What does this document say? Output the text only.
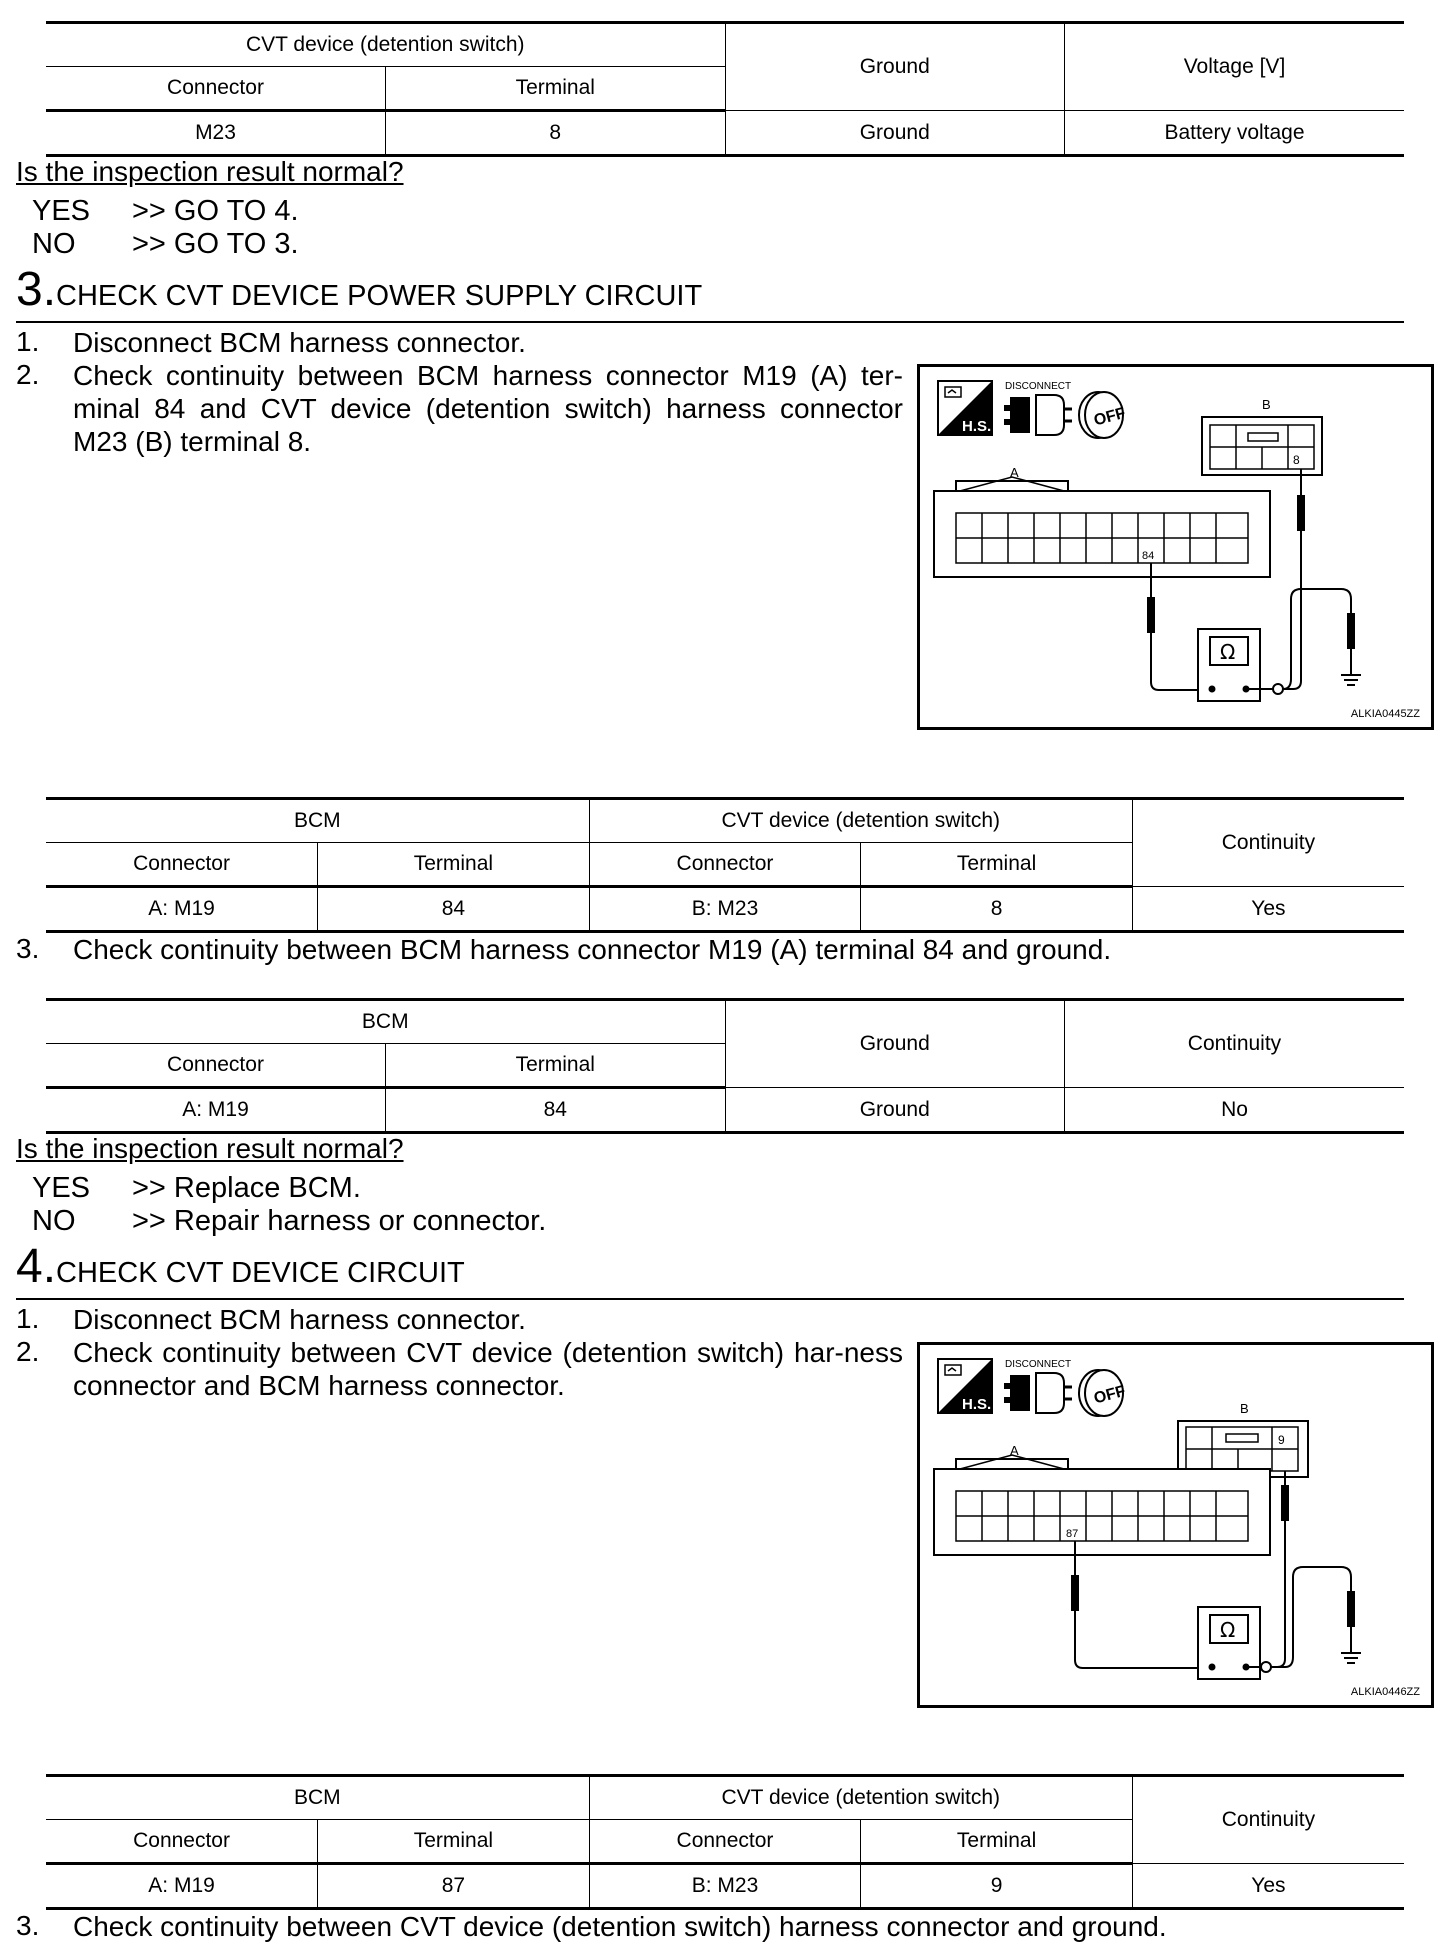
CVT device (detention switch)		Ground	Voltage [V]
Connector	Terminal		
M23	8	Ground	Battery voltage
Is the inspection result normal?
YES >> GO TO 4.
NO >> GO TO 3.
3.CHECK CVT DEVICE POWER SUPPLY CIRCUIT
1. Disconnect BCM harness connector.
2. Check continuity between BCM harness connector M19 (A) ter-minal 84 and CVT device (detention switch) harness connector M23 (B) terminal 8.	H.S.
DISCONNECT
OFF
B
8
A
84
Ω
ALKIA0445ZZ
BCM		CVT device (detention switch)		Continuity
Connector	Terminal	Connector	Terminal	
A: M19	84	B: M23	8	Yes
3. Check continuity between BCM harness connector M19 (A) terminal 84 and ground.
BCM		Ground	Continuity
Connector	Terminal		
A: M19	84	Ground	No
Is the inspection result normal?
YES >> Replace BCM.
NO >> Repair harness or connector.
4.CHECK CVT DEVICE CIRCUIT
1. Disconnect BCM harness connector.
2. Check continuity between CVT device (detention switch) har-ness connector and BCM harness connector.
H.S.
DISCONNECT
OFF
B
9
A
87
Ω
ALKIA0446ZZ
BCM		CVT device (detention switch)		Continuity
Connector	Terminal	Connector	Terminal	
A: M19	87	B: M23	9	Yes
3. Check continuity between CVT device (detention switch) harness connector and ground.
